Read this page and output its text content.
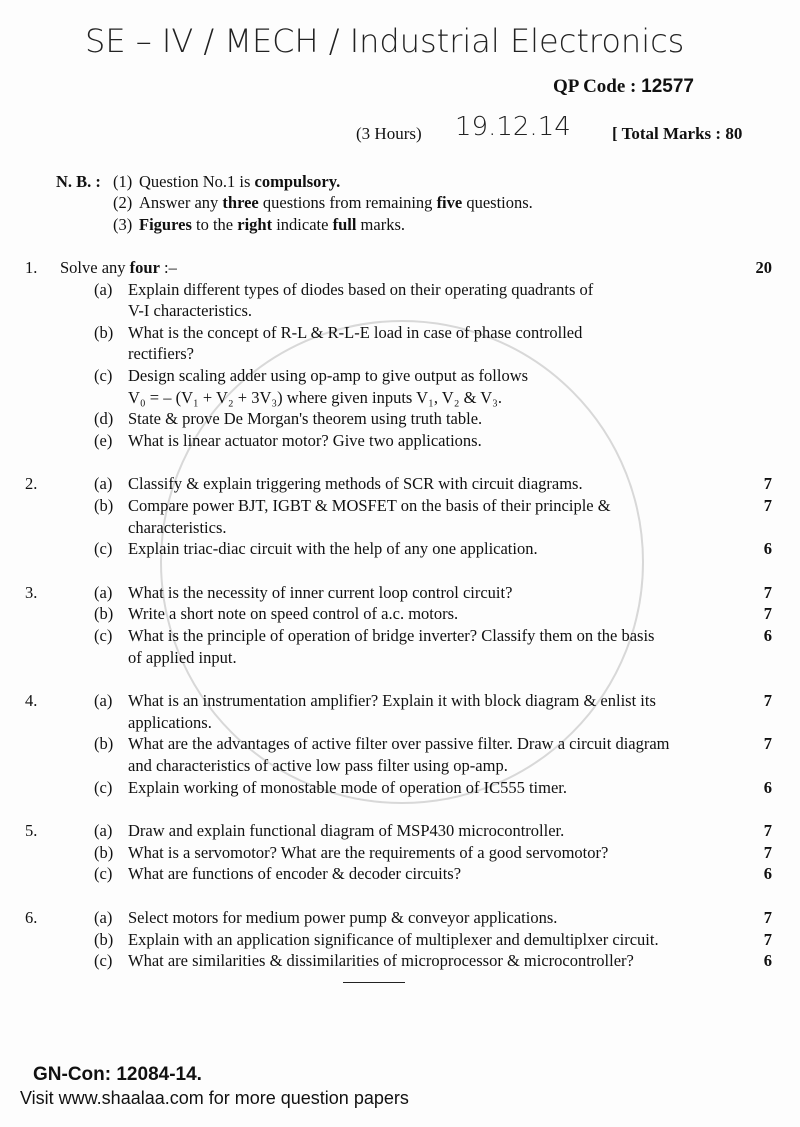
SE – IV / MECH / Industrial Electronics
QP Code : 12577
(3 Hours) 19.12.14 [ Total Marks : 80
N. B. : (1) Question No.1 is compulsory.
(2) Answer any three questions from remaining five questions.
(3) Figures to the right indicate full marks.
1. Solve any four :–	20
(a) Explain different types of diodes based on their operating quadrants of
V-I characteristics.
(b) What is the concept of R-L & R-L-E load in case of phase controlled
rectifiers?
(c) Design scaling adder using op-amp to give output as follows
V₀ = – (V₁ + V₂ + 3V₃) where given inputs V₁, V₂ & V₃.
(d) State & prove De Morgan's theorem using truth table.
(e) What is linear actuator motor? Give two applications.
2.	(a)	7
Classify & explain triggering methods of SCR with circuit diagrams.
(b)	7
Compare power BJT, IGBT & MOSFET on the basis of their principle &
characteristics.
(c)	6
Explain triac-diac circuit with the help of any one application.
3.	(a)	7
What is the necessity of inner current loop control circuit?
(b)	7
Write a short note on speed control of a.c. motors.
(c)	6
What is the principle of operation of bridge inverter? Classify them on the basis
of applied input.
4.	(a)	7
What is an instrumentation amplifier? Explain it with block diagram & enlist its
applications.
(b)	7
What are the advantages of active filter over passive filter. Draw a circuit diagram
and characteristics of active low pass filter using op-amp.
(c)	6
Explain working of monostable mode of operation of IC555 timer.
5.	(a)	7
Draw and explain functional diagram of MSP430 microcontroller.
(b)	7
What is a servomotor? What are the requirements of a good servomotor?
(c)	6
What are functions of encoder & decoder circuits?
6.	(a)	7
Select motors for medium power pump & conveyor applications.
(b)	7
Explain with an application significance of multiplexer and demultiplxer circuit.
(c)	6
What are similarities & dissimilarities of microprocessor & microcontroller?
GN-Con: 12084-14.
Visit www.shaalaa.com for more question papers
